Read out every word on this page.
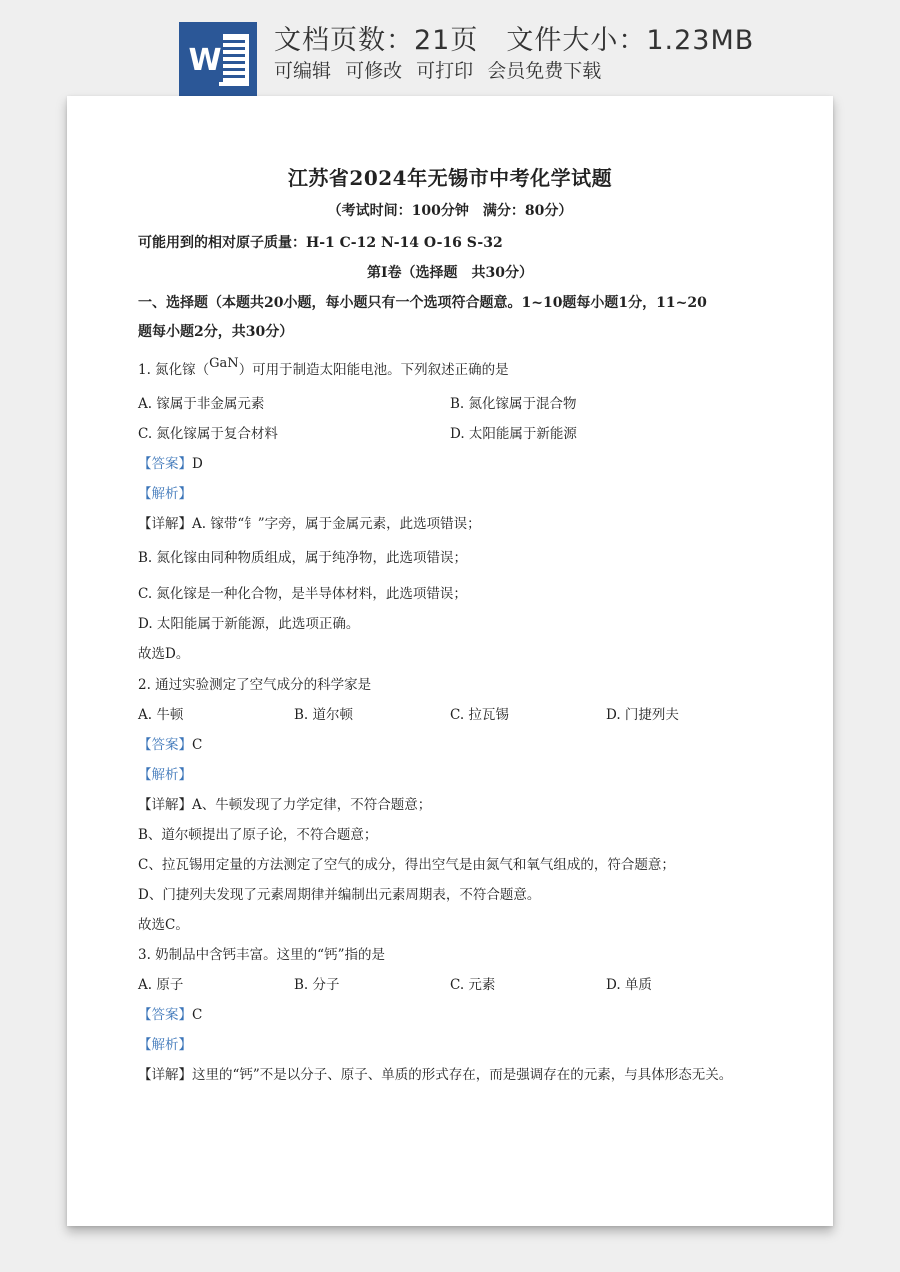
W
文档页数：21页 文件大小：1.23MB
可编辑 可修改 可打印 会员免费下载
江苏省2024年无锡市中考化学试题
（考试时间：100分钟　满分：80分）
可能用到的相对原子质量：H-1 C-12 N-14 O-16 S-32
第Ⅰ卷（选择题　共30分）
一、选择题（本题共20小题，每小题只有一个选项符合题意。1~10题每小题1分，11~20
题每小题2分，共30分）
1. 氮化镓（GaN）可用于制造太阳能电池。下列叙述正确的是
A. 镓属于非金属元素	B. 氮化镓属于混合物
C. 氮化镓属于复合材料	D. 太阳能属于新能源
【答案】D
【解析】
【详解】A. 镓带“钅”字旁，属于金属元素，此选项错误；
B. 氮化镓由同种物质组成，属于纯净物，此选项错误；
C. 氮化镓是一种化合物，是半导体材料，此选项错误；
D. 太阳能属于新能源，此选项正确。
故选D。
2. 通过实验测定了空气成分的科学家是
A. 牛顿	B. 道尔顿	C. 拉瓦锡	D. 门捷列夫
【答案】C
【解析】
【详解】A、牛顿发现了力学定律，不符合题意；
B、道尔顿提出了原子论，不符合题意；
C、拉瓦锡用定量的方法测定了空气的成分，得出空气是由氮气和氧气组成的，符合题意；
D、门捷列夫发现了元素周期律并编制出元素周期表，不符合题意。
故选C。
3. 奶制品中含钙丰富。这里的“钙”指的是
A. 原子	B. 分子	C. 元素	D. 单质
【答案】C
【解析】
【详解】这里的“钙”不是以分子、原子、单质的形式存在，而是强调存在的元素，与具体形态无关。
